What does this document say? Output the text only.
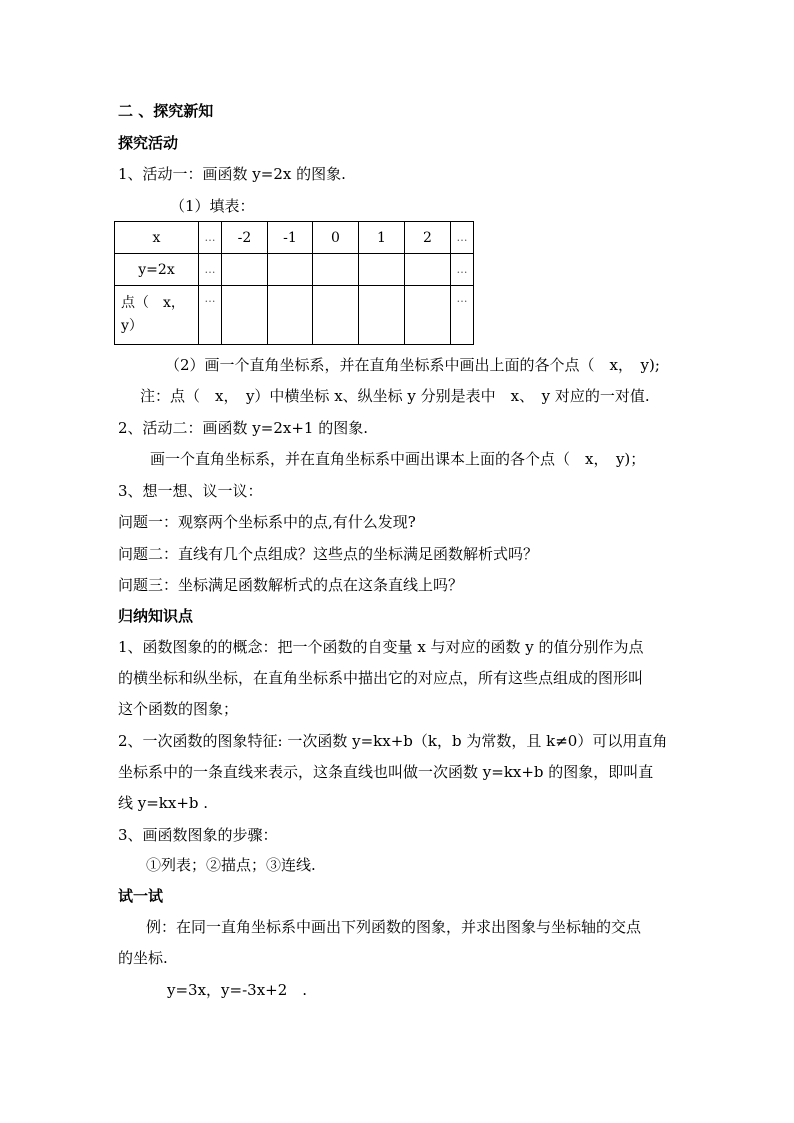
二 、探究新知
探究活动
1、活动一：画函数 y=2x 的图象.
（1）填表：
x	…	-2	-1	0	1	2	…
y=2x	…						…

点（　x，
y）	…						…
（2）画一个直角坐标系，并在直角坐标系中画出上面的各个点（　x，　y);
注：点（　x，　y）中横坐标 x、纵坐标 y 分别是表中　x、　y 对应的一对值.
2、活动二：画函数 y=2x+1 的图象.
画一个直角坐标系，并在直角坐标系中画出课本上面的各个点（　x，　y)；
3、想一想、议一议：
问题一：观察两个坐标系中的点,有什么发现?
问题二：直线有几个点组成？这些点的坐标满足函数解析式吗？
问题三：坐标满足函数解析式的点在这条直线上吗？
归纳知识点
1、函数图象的的概念：把一个函数的自变量 x 与对应的函数 y 的值分别作为点
的横坐标和纵坐标，在直角坐标系中描出它的对应点，所有这些点组成的图形叫
这个函数的图象；
2、一次函数的图象特征: 一次函数 y=kx+b（k，b 为常数，且 k≠0）可以用直角
坐标系中的一条直线来表示，这条直线也叫做一次函数 y=kx+b 的图象，即叫直
线 y=kx+b .
3、画函数图象的步骤：
①列表；②描点；③连线.
试一试
例：在同一直角坐标系中画出下列函数的图象，并求出图象与坐标轴的交点
的坐标.
y=3x，y=-3x+2　.
